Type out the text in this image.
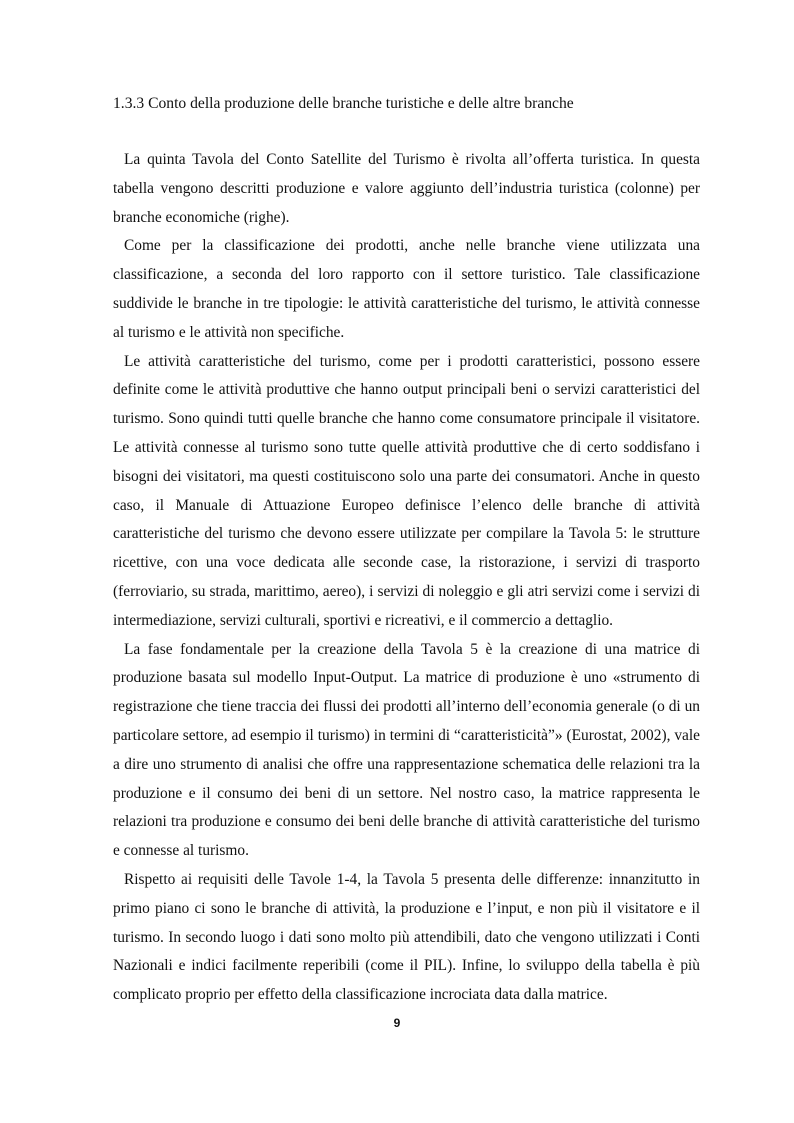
1.3.3 Conto della produzione delle branche turistiche e delle altre branche

La quinta Tavola del Conto Satellite del Turismo è rivolta all’offerta turistica. In questa tabella vengono descritti produzione e valore aggiunto dell’industria turistica (colonne) per branche economiche (righe).

Come per la classificazione dei prodotti, anche nelle branche viene utilizzata una classificazione, a seconda del loro rapporto con il settore turistico. Tale classificazione suddivide le branche in tre tipologie: le attività caratteristiche del turismo, le attività connesse al turismo e le attività non specifiche.

Le attività caratteristiche del turismo, come per i prodotti caratteristici, possono essere definite come le attività produttive che hanno output principali beni o servizi caratteristici del turismo. Sono quindi tutti quelle branche che hanno come consumatore principale il visitatore. Le attività connesse al turismo sono tutte quelle attività produttive che di certo soddisfano i bisogni dei visitatori, ma questi costituiscono solo una parte dei consumatori. Anche in questo caso, il Manuale di Attuazione Europeo definisce l’elenco delle branche di attività caratteristiche del turismo che devono essere utilizzate per compilare la Tavola 5: le strutture ricettive, con una voce dedicata alle seconde case, la ristorazione, i servizi di trasporto (ferroviario, su strada, marittimo, aereo), i servizi di noleggio e gli atri servizi come i servizi di intermediazione, servizi culturali, sportivi e ricreativi, e il commercio a dettaglio.

La fase fondamentale per la creazione della Tavola 5 è la creazione di una matrice di produzione basata sul modello Input-Output. La matrice di produzione è uno «strumento di registrazione che tiene traccia dei flussi dei prodotti all’interno dell’economia generale (o di un particolare settore, ad esempio il turismo) in termini di “caratteristicità”» (Eurostat, 2002), vale a dire uno strumento di analisi che offre una rappresentazione schematica delle relazioni tra la produzione e il consumo dei beni di un settore. Nel nostro caso, la matrice rappresenta le relazioni tra produzione e consumo dei beni delle branche di attività caratteristiche del turismo e connesse al turismo.

Rispetto ai requisiti delle Tavole 1-4, la Tavola 5 presenta delle differenze: innanzitutto in primo piano ci sono le branche di attività, la produzione e l’input, e non più il visitatore e il turismo. In secondo luogo i dati sono molto più attendibili, dato che vengono utilizzati i Conti Nazionali e indici facilmente reperibili (come il PIL). Infine, lo sviluppo della tabella è più complicato proprio per effetto della classificazione incrociata data dalla matrice.

9
